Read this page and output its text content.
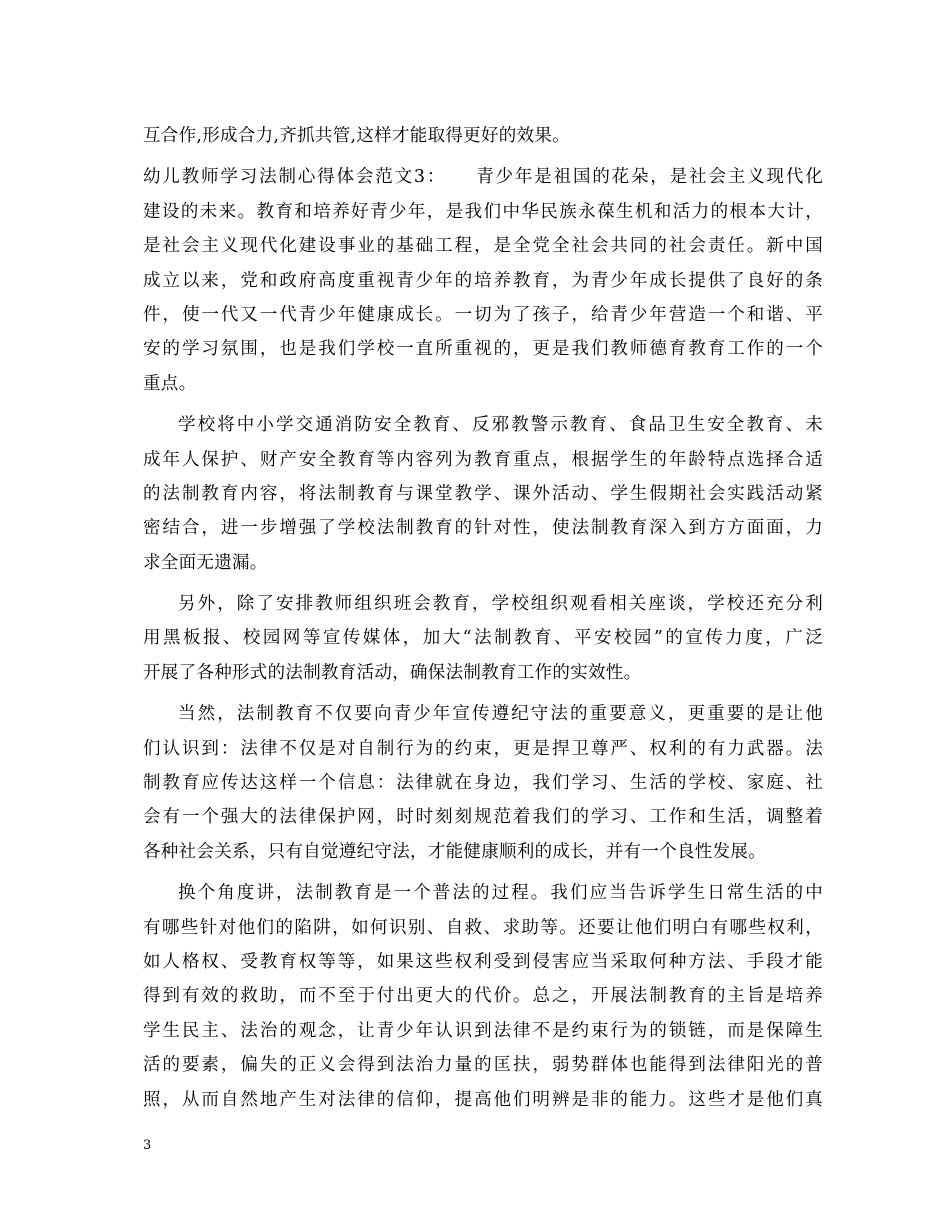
互合作,形成合力,齐抓共管,这样才能取得更好的效果。
幼儿教师学习法制心得体会范文3：　　青少年是祖国的花朵，是社会主义现代化
建设的未来。教育和培养好青少年，是我们中华民族永葆生机和活力的根本大计，
是社会主义现代化建设事业的基础工程，是全党全社会共同的社会责任。新中国
成立以来，党和政府高度重视青少年的培养教育，为青少年成长提供了良好的条
件，使一代又一代青少年健康成长。一切为了孩子，给青少年营造一个和谐、平
安的学习氛围，也是我们学校一直所重视的，更是我们教师德育教育工作的一个
重点。
学校将中小学交通消防安全教育、反邪教警示教育、食品卫生安全教育、未
成年人保护、财产安全教育等内容列为教育重点，根据学生的年龄特点选择合适
的法制教育内容，将法制教育与课堂教学、课外活动、学生假期社会实践活动紧
密结合，进一步增强了学校法制教育的针对性，使法制教育深入到方方面面，力
求全面无遗漏。
另外，除了安排教师组织班会教育，学校组织观看相关座谈，学校还充分利
用黑板报、校园网等宣传媒体，加大“法制教育、平安校园”的宣传力度，广泛
开展了各种形式的法制教育活动，确保法制教育工作的实效性。
当然，法制教育不仅要向青少年宣传遵纪守法的重要意义，更重要的是让他
们认识到：法律不仅是对自制行为的约束，更是捍卫尊严、权利的有力武器。法
制教育应传达这样一个信息：法律就在身边，我们学习、生活的学校、家庭、社
会有一个强大的法律保护网，时时刻刻规范着我们的学习、工作和生活，调整着
各种社会关系，只有自觉遵纪守法，才能健康顺利的成长，并有一个良性发展。
换个角度讲，法制教育是一个普法的过程。我们应当告诉学生日常生活的中
有哪些针对他们的陷阱，如何识别、自救、求助等。还要让他们明白有哪些权利，
如人格权、受教育权等等，如果这些权利受到侵害应当采取何种方法、手段才能
得到有效的救助，而不至于付出更大的代价。总之，开展法制教育的主旨是培养
学生民主、法治的观念，让青少年认识到法律不是约束行为的锁链，而是保障生
活的要素，偏失的正义会得到法治力量的匡扶，弱势群体也能得到法律阳光的普
照，从而自然地产生对法律的信仰，提高他们明辨是非的能力。这些才是他们真
3
